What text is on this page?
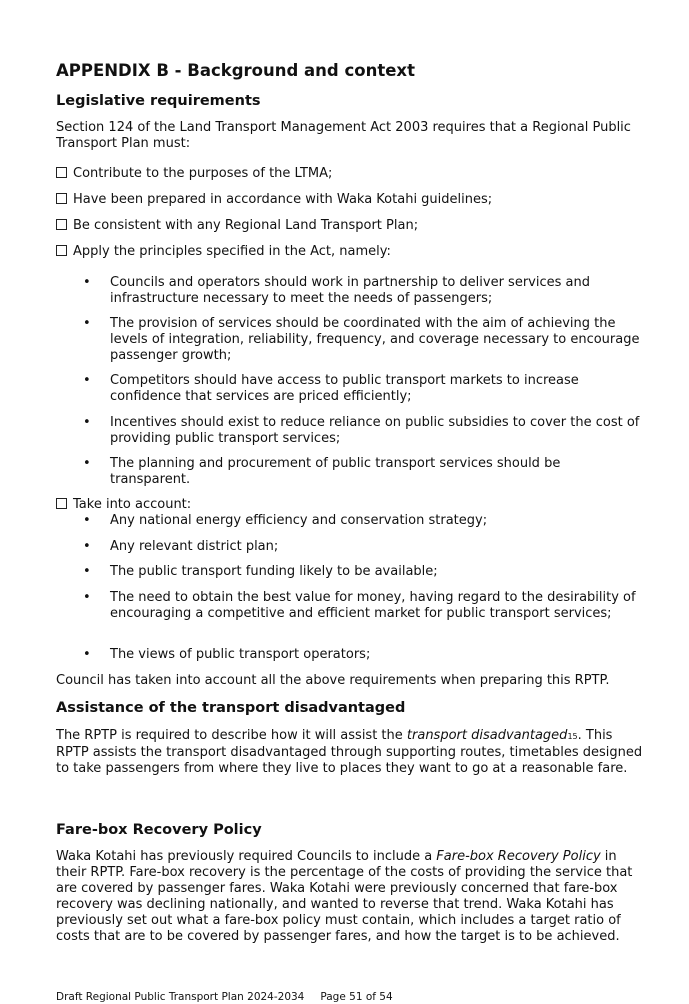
APPENDIX B - Background and context
Legislative requirements

Section 124 of the Land Transport Management Act 2003 requires that a Regional Public Transport Plan must:

Contribute to the purposes of the LTMA;

Have been prepared in accordance with Waka Kotahi guidelines;

Be consistent with any Regional Land Transport Plan;

Apply the principles specified in the Act, namely:

• Councils and operators should work in partnership to deliver services and infrastructure necessary to meet the needs of passengers;

• The provision of services should be coordinated with the aim of achieving the levels of integration, reliability, frequency, and coverage necessary to encourage passenger growth;

• Competitors should have access to public transport markets to increase confidence that services are priced efficiently;

• Incentives should exist to reduce reliance on public subsidies to cover the cost of providing public transport services;

• The planning and procurement of public transport services should be transparent.

Take into account:

• Any national energy efficiency and conservation strategy;

• Any relevant district plan;

• The public transport funding likely to be available;

• The need to obtain the best value for money, having regard to the desirability of encouraging a competitive and efficient market for public transport services;

• The views of public transport operators;

Council has taken into account all the above requirements when preparing this RPTP.

Assistance of the transport disadvantaged

The RPTP is required to describe how it will assist the transport disadvantaged15. This RPTP assists the transport disadvantaged through supporting routes, timetables designed to take passengers from where they live to places they want to go at a reasonable fare.

Fare-box Recovery Policy

Waka Kotahi has previously required Councils to include a Fare-box Recovery Policy in their RPTP. Fare-box recovery is the percentage of the costs of providing the service that are covered by passenger fares. Waka Kotahi were previously concerned that fare-box recovery was declining nationally, and wanted to reverse that trend. Waka Kotahi has previously set out what a fare-box policy must contain, which includes a target ratio of costs that are to be covered by passenger fares, and how the target is to be achieved.

Draft Regional Public Transport Plan 2024-2034 Page 51 of 54
